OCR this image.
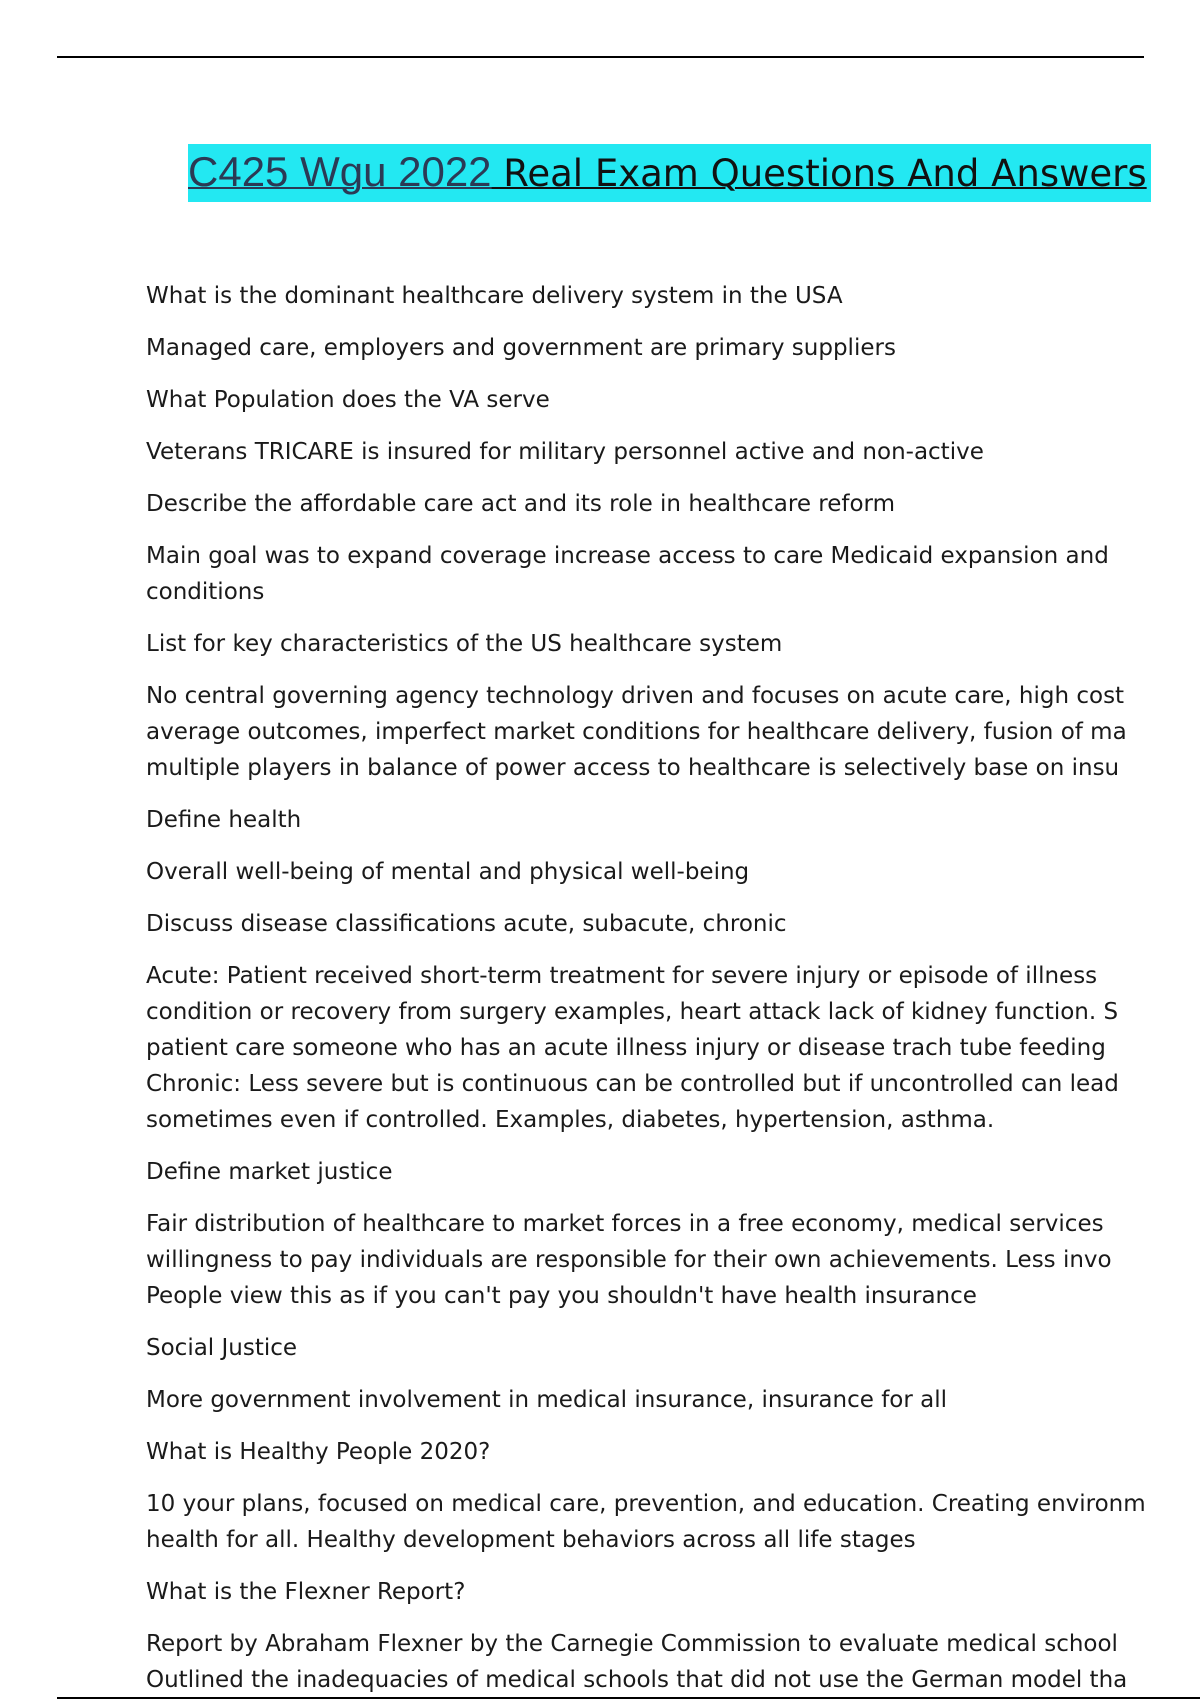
C425 Wgu 2022 Real Exam Questions And Answers

What is the dominant healthcare delivery system in the USA

Managed care, employers and government are primary suppliers

What Population does the VA serve

Veterans TRICARE is insured for military personnel active and non-active

Describe the affordable care act and its role in healthcare reform

Main goal was to expand coverage increase access to care Medicaid expansion and
conditions

List for key characteristics of the US healthcare system

No central governing agency technology driven and focuses on acute care, high cost
average outcomes, imperfect market conditions for healthcare delivery, fusion of ma
multiple players in balance of power access to healthcare is selectively base on insu

Define health

Overall well-being of mental and physical well-being

Discuss disease classifications acute, subacute, chronic

Acute: Patient received short-term treatment for severe injury or episode of illness
condition or recovery from surgery examples, heart attack lack of kidney function. S
patient care someone who has an acute illness injury or disease trach tube feeding
Chronic: Less severe but is continuous can be controlled but if uncontrolled can lead
sometimes even if controlled. Examples, diabetes, hypertension, asthma.

Define market justice

Fair distribution of healthcare to market forces in a free economy, medical services
willingness to pay individuals are responsible for their own achievements. Less invo
People view this as if you can't pay you shouldn't have health insurance

Social Justice

More government involvement in medical insurance, insurance for all

What is Healthy People 2020?

10 your plans, focused on medical care, prevention, and education. Creating environm
health for all. Healthy development behaviors across all life stages

What is the Flexner Report?

Report by Abraham Flexner by the Carnegie Commission to evaluate medical school
Outlined the inadequacies of medical schools that did not use the German model tha
